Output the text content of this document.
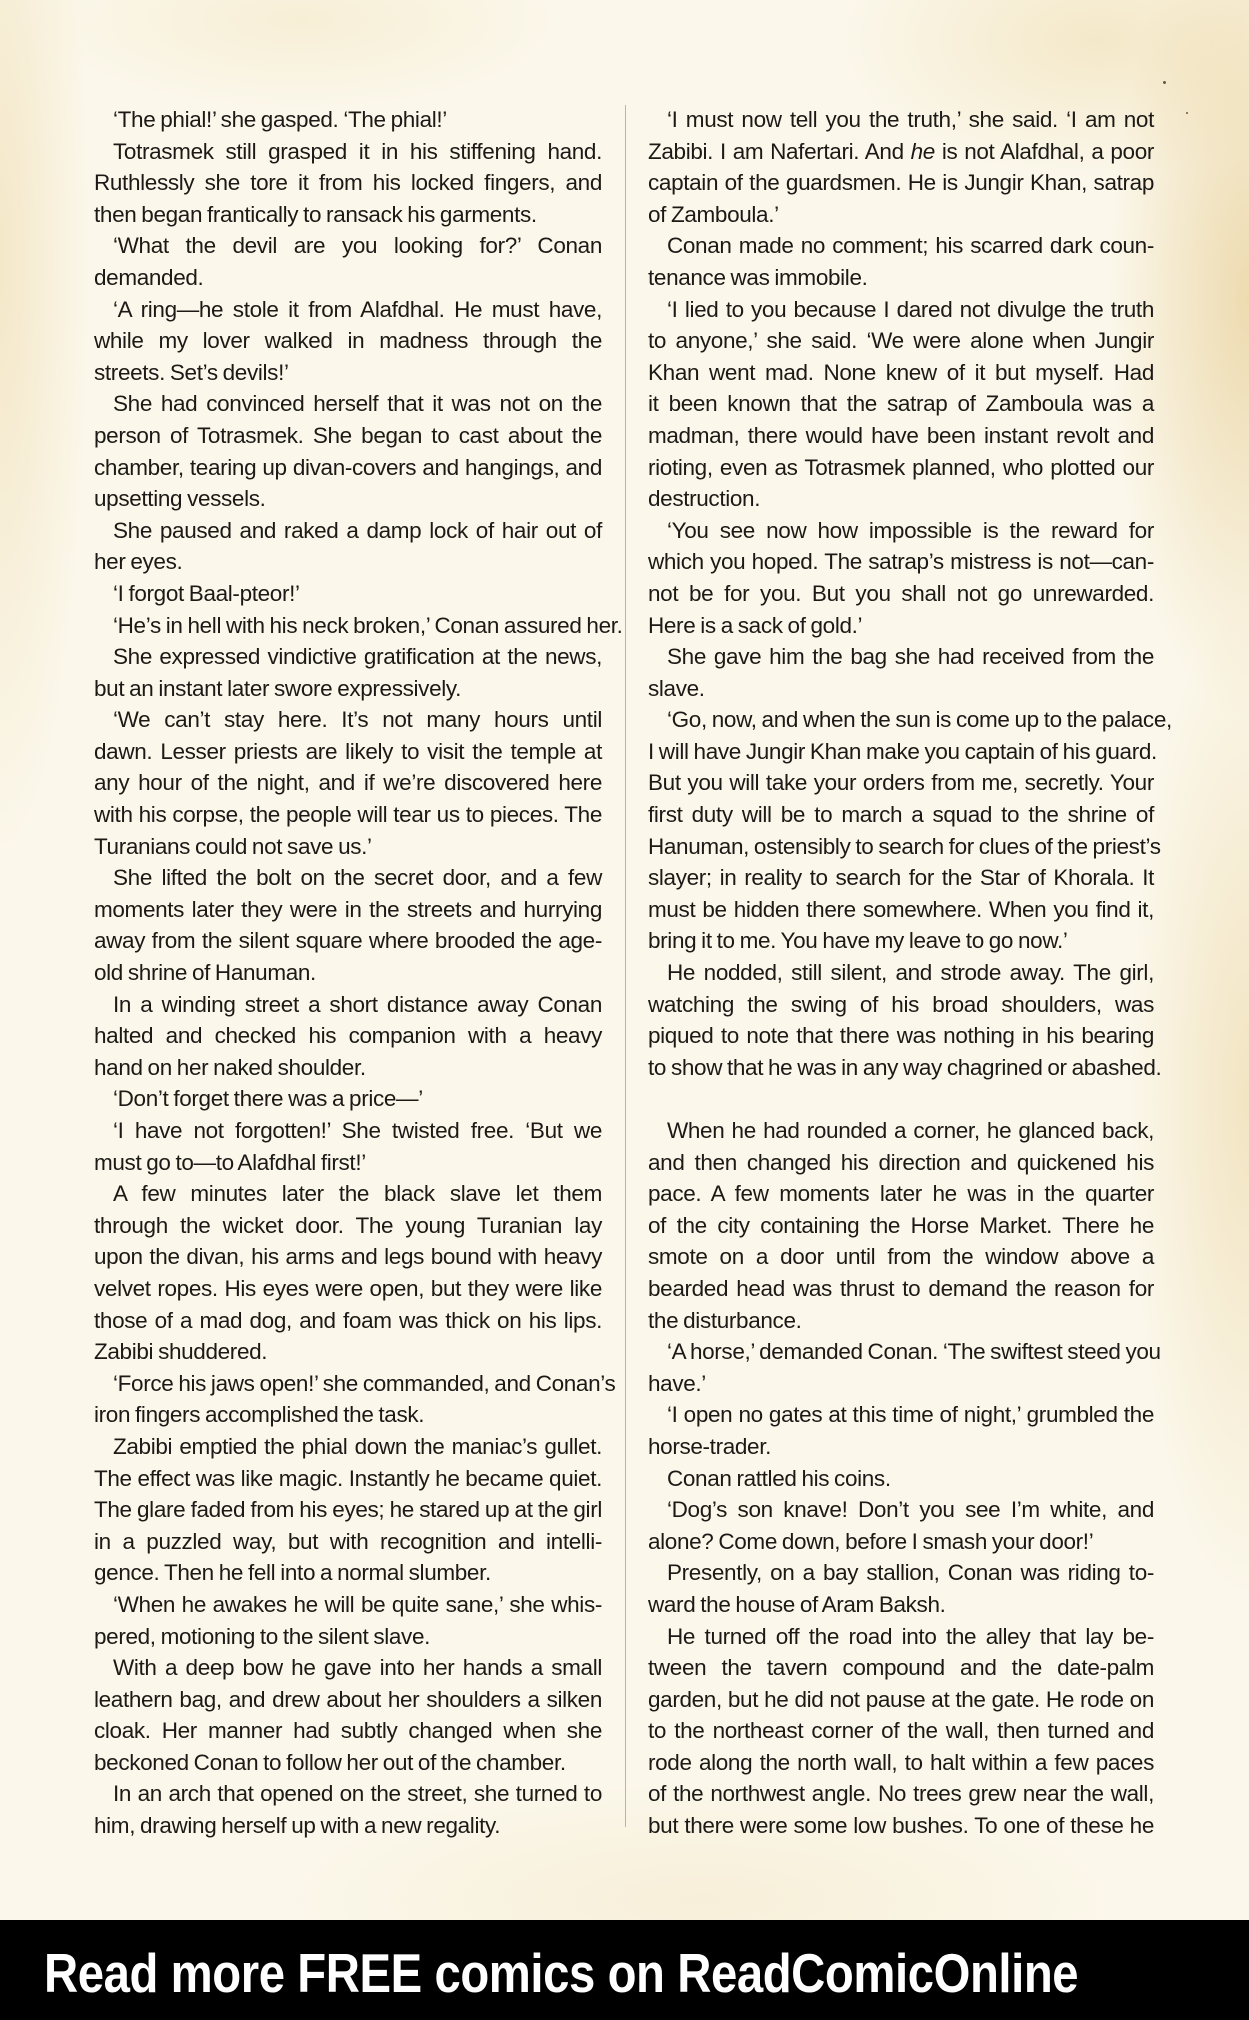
‘The phial!’ she gasped. ‘The phial!’
Totrasmek still grasped it in his stiffening hand.
Ruthlessly she tore it from his locked fingers, and
then began frantically to ransack his garments.
‘What the devil are you looking for?’ Conan
demanded.
‘A ring—he stole it from Alafdhal. He must have,
while my lover walked in madness through the
streets. Set’s devils!’
She had convinced herself that it was not on the
person of Totrasmek. She began to cast about the
chamber, tearing up divan-covers and hangings, and
upsetting vessels.
She paused and raked a damp lock of hair out of
her eyes.
‘I forgot Baal-pteor!’
‘He’s in hell with his neck broken,’ Conan assured her.
She expressed vindictive gratification at the news,
but an instant later swore expressively.
‘We can’t stay here. It’s not many hours until
dawn. Lesser priests are likely to visit the temple at
any hour of the night, and if we’re discovered here
with his corpse, the people will tear us to pieces. The
Turanians could not save us.’
She lifted the bolt on the secret door, and a few
moments later they were in the streets and hurrying
away from the silent square where brooded the age-
old shrine of Hanuman.
In a winding street a short distance away Conan
halted and checked his companion with a heavy
hand on her naked shoulder.
‘Don’t forget there was a price—’
‘I have not forgotten!’ She twisted free. ‘But we
must go to—to Alafdhal first!’
A few minutes later the black slave let them
through the wicket door. The young Turanian lay
upon the divan, his arms and legs bound with heavy
velvet ropes. His eyes were open, but they were like
those of a mad dog, and foam was thick on his lips.
Zabibi shuddered.
‘Force his jaws open!’ she commanded, and Conan’s
iron fingers accomplished the task.
Zabibi emptied the phial down the maniac’s gullet.
The effect was like magic. Instantly he became quiet.
The glare faded from his eyes; he stared up at the girl
in a puzzled way, but with recognition and intelli-
gence. Then he fell into a normal slumber.
‘When he awakes he will be quite sane,’ she whis-
pered, motioning to the silent slave.
With a deep bow he gave into her hands a small
leathern bag, and drew about her shoulders a silken
cloak. Her manner had subtly changed when she
beckoned Conan to follow her out of the chamber.
In an arch that opened on the street, she turned to
him, drawing herself up with a new regality.
‘I must now tell you the truth,’ she said. ‘I am not
Zabibi. I am Nafertari. And he is not Alafdhal, a poor
captain of the guardsmen. He is Jungir Khan, satrap
of Zamboula.’
Conan made no comment; his scarred dark coun-
tenance was immobile.
‘I lied to you because I dared not divulge the truth
to anyone,’ she said. ‘We were alone when Jungir
Khan went mad. None knew of it but myself. Had
it been known that the satrap of Zamboula was a
madman, there would have been instant revolt and
rioting, even as Totrasmek planned, who plotted our
destruction.
‘You see now how impossible is the reward for
which you hoped. The satrap’s mistress is not—can-
not be for you. But you shall not go unrewarded.
Here is a sack of gold.’
She gave him the bag she had received from the
slave.
‘Go, now, and when the sun is come up to the palace,
I will have Jungir Khan make you captain of his guard.
But you will take your orders from me, secretly. Your
first duty will be to march a squad to the shrine of
Hanuman, ostensibly to search for clues of the priest’s
slayer; in reality to search for the Star of Khorala. It
must be hidden there somewhere. When you find it,
bring it to me. You have my leave to go now.’
He nodded, still silent, and strode away. The girl,
watching the swing of his broad shoulders, was
piqued to note that there was nothing in his bearing
to show that he was in any way chagrined or abashed.
When he had rounded a corner, he glanced back,
and then changed his direction and quickened his
pace. A few moments later he was in the quarter
of the city containing the Horse Market. There he
smote on a door until from the window above a
bearded head was thrust to demand the reason for
the disturbance.
‘A horse,’ demanded Conan. ‘The swiftest steed you
have.’
‘I open no gates at this time of night,’ grumbled the
horse-trader.
Conan rattled his coins.
‘Dog’s son knave! Don’t you see I’m white, and
alone? Come down, before I smash your door!’
Presently, on a bay stallion, Conan was riding to-
ward the house of Aram Baksh.
He turned off the road into the alley that lay be-
tween the tavern compound and the date-palm
garden, but he did not pause at the gate. He rode on
to the northeast corner of the wall, then turned and
rode along the north wall, to halt within a few paces
of the northwest angle. No trees grew near the wall,
but there were some low bushes. To one of these he
Read more FREE comics on ReadComicOnline
